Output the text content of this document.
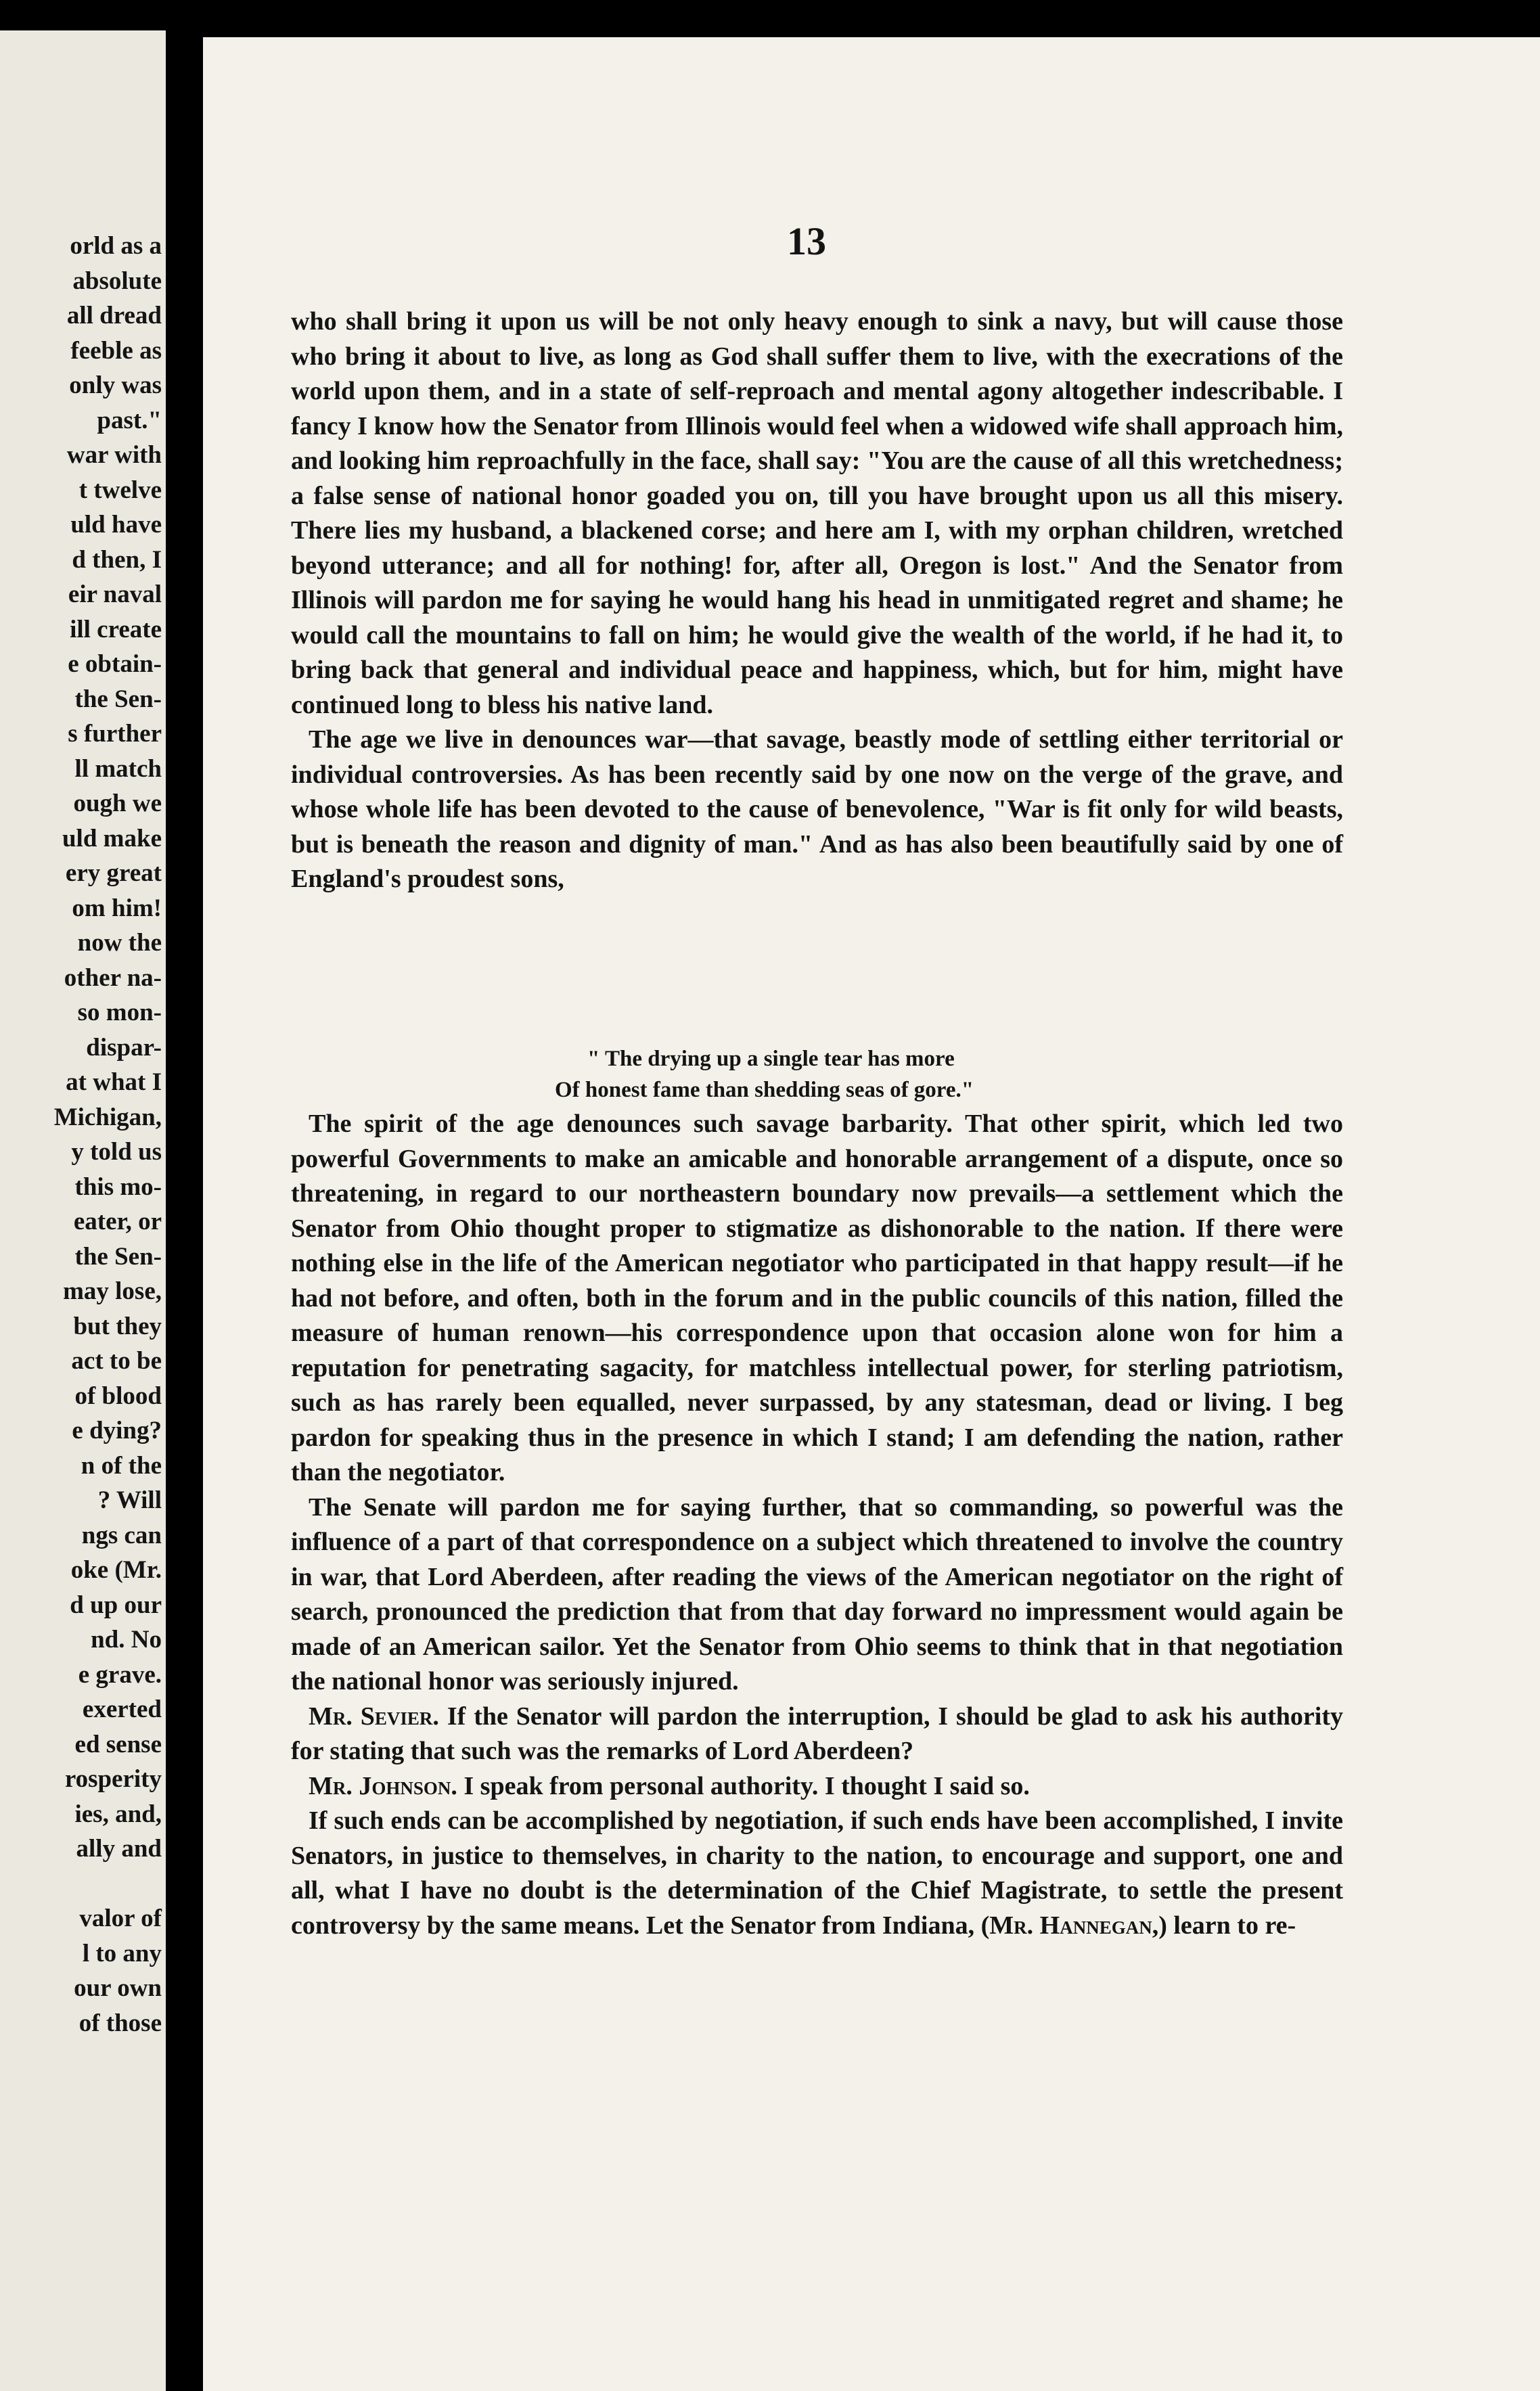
orld as a
absolute
all dread
feeble as
only was
past."
war with
t twelve
uld have
d then, I
eir naval
ill create
e obtain-
the Sen-
s further
ll match
ough we
uld make
ery great
om him!
now the
other na-
so mon-
dispar-
at what I
Michigan,
y told us
this mo-
eater, or
the Sen-
may lose,
but they
act to be
of blood
e dying?
n of the
? Will
ngs can
oke (Mr.
d up our
nd. No
e grave.
exerted
ed sense
rosperity
ies, and,
ally and
valor of
l to any
our own
of those
13

who shall bring it upon us will be not only heavy enough to sink a navy, but will cause those who bring it about to live, as long as God shall suffer them to live, with the execrations of the world upon them, and in a state of self-reproach and mental agony altogether indescribable. I fancy I know how the Senator from Illinois would feel when a widowed wife shall approach him, and looking him reproachfully in the face, shall say: "You are the cause of all this wretchedness; a false sense of national honor goaded you on, till you have brought upon us all this misery. There lies my husband, a blackened corse; and here am I, with my orphan children, wretched beyond utterance; and all for nothing! for, after all, Oregon is lost." And the Senator from Illinois will pardon me for saying he would hang his head in unmitigated regret and shame; he would call the mountains to fall on him; he would give the wealth of the world, if he had it, to bring back that general and individual peace and happiness, which, but for him, might have continued long to bless his native land.

The age we live in denounces war—that savage, beastly mode of settling either territorial or individual controversies. As has been recently said by one now on the verge of the grave, and whose whole life has been devoted to the cause of benevolence, "War is fit only for wild beasts, but is beneath the reason and dignity of man." And as has also been beautifully said by one of England's proudest sons,

" The drying up a single tear has more
Of honest fame than shedding seas of gore."

The spirit of the age denounces such savage barbarity. That other spirit, which led two powerful Governments to make an amicable and honorable arrangement of a dispute, once so threatening, in regard to our northeastern boundary now prevails—a settlement which the Senator from Ohio thought proper to stigmatize as dishonorable to the nation. If there were nothing else in the life of the American negotiator who participated in that happy result—if he had not before, and often, both in the forum and in the public councils of this nation, filled the measure of human renown—his correspondence upon that occasion alone won for him a reputation for penetrating sagacity, for matchless intellectual power, for sterling patriotism, such as has rarely been equalled, never surpassed, by any statesman, dead or living. I beg pardon for speaking thus in the presence in which I stand; I am defending the nation, rather than the negotiator.

The Senate will pardon me for saying further, that so commanding, so powerful was the influence of a part of that correspondence on a subject which threatened to involve the country in war, that Lord Aberdeen, after reading the views of the American negotiator on the right of search, pronounced the prediction that from that day forward no impressment would again be made of an American sailor. Yet the Senator from Ohio seems to think that in that negotiation the national honor was seriously injured.

Mr. Sevier. If the Senator will pardon the interruption, I should be glad to ask his authority for stating that such was the remarks of Lord Aberdeen?

Mr. Johnson. I speak from personal authority. I thought I said so.

If such ends can be accomplished by negotiation, if such ends have been accomplished, I invite Senators, in justice to themselves, in charity to the nation, to encourage and support, one and all, what I have no doubt is the determination of the Chief Magistrate, to settle the present controversy by the same means. Let the Senator from Indiana, (Mr. Hannegan,) learn to re-
